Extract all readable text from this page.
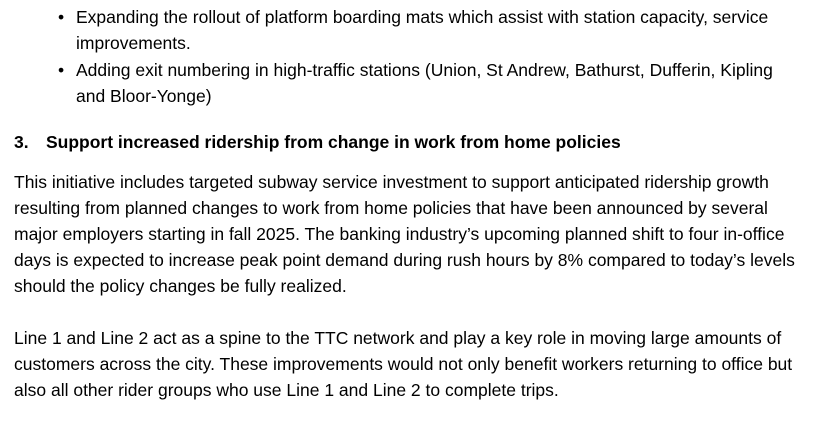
• Expanding the rollout of platform boarding mats which assist with station capacity, service improvements.
• Adding exit numbering in high-traffic stations (Union, St Andrew, Bathurst, Dufferin, Kipling and Bloor-Yonge)
3. Support increased ridership from change in work from home policies

This initiative includes targeted subway service investment to support anticipated ridership growth resulting from planned changes to work from home policies that have been announced by several major employers starting in fall 2025. The banking industry’s upcoming planned shift to four in-office days is expected to increase peak point demand during rush hours by 8% compared to today’s levels should the policy changes be fully realized.

Line 1 and Line 2 act as a spine to the TTC network and play a key role in moving large amounts of customers across the city. These improvements would not only benefit workers returning to office but also all other rider groups who use Line 1 and Line 2 to complete trips.
